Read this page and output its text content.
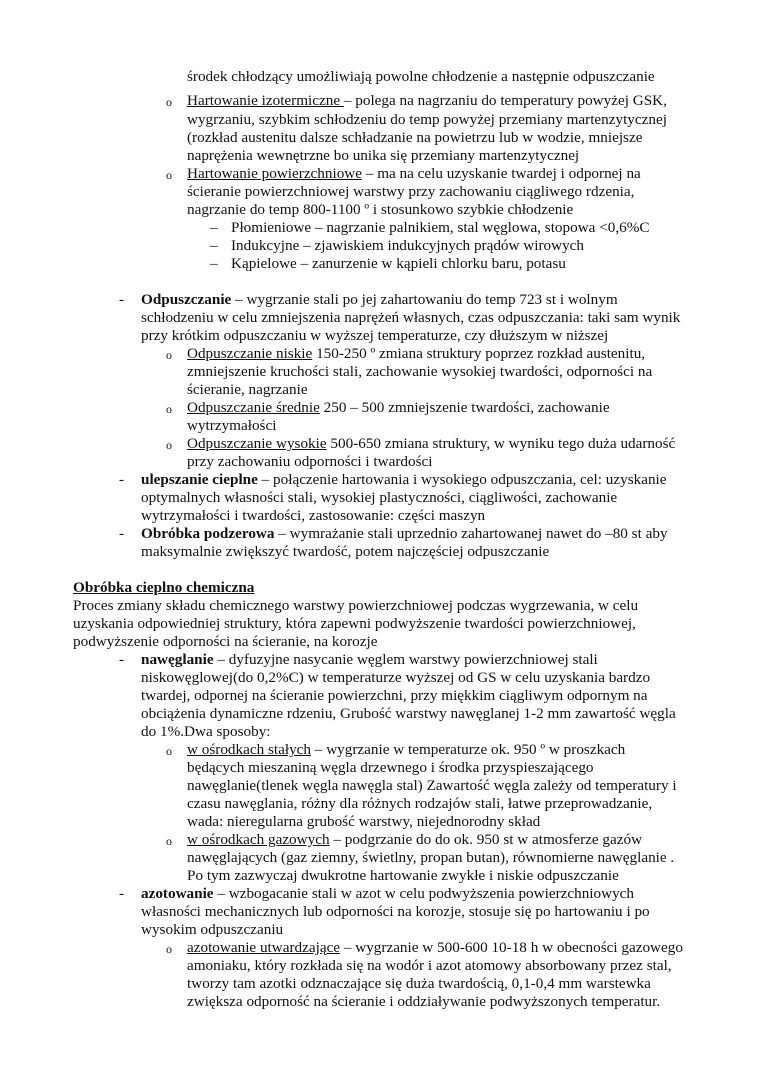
środek chłodzący umożliwiają powolne chłodzenie a następnie odpuszczanie
o Hartowanie izotermiczne – polega na nagrzaniu do temperatury powyżej GSK,
wygrzaniu, szybkim schłodzeniu do temp powyżej przemiany martenzytycznej
(rozkład austenitu dalsze schładzanie na powietrzu lub w wodzie, mniejsze
naprężenia wewnętrzne bo unika się przemiany martenzytycznej
o Hartowanie powierzchniowe – ma na celu uzyskanie twardej i odpornej na
ścieranie powierzchniowej warstwy przy zachowaniu ciągliwego rdzenia,
nagrzanie do temp 800-1100 º i stosunkowo szybkie chłodzenie
– Płomieniowe – nagrzanie palnikiem, stal węglowa, stopowa <0,6%C
– Indukcyjne – zjawiskiem indukcyjnych prądów wirowych
– Kąpielowe – zanurzenie w kąpieli chlorku baru, potasu
- Odpuszczanie – wygrzanie stali po jej zahartowaniu do temp 723 st i wolnym
schłodzeniu w celu zmniejszenia naprężeń własnych, czas odpuszczania: taki sam wynik
przy krótkim odpuszczaniu w wyższej temperaturze, czy dłuższym w niższej
o Odpuszczanie niskie 150-250 º zmiana struktury poprzez rozkład austenitu,
zmniejszenie kruchości stali, zachowanie wysokiej twardości, odporności na
ścieranie, nagrzanie
o Odpuszczanie średnie 250 – 500 zmniejszenie twardości, zachowanie
wytrzymałości
o Odpuszczanie wysokie 500-650 zmiana struktury, w wyniku tego duża udarność
przy zachowaniu odporności i twardości
- ulepszanie cieplne – połączenie hartowania i wysokiego odpuszczania, cel: uzyskanie
optymalnych własności stali, wysokiej plastyczności, ciągliwości, zachowanie
wytrzymałości i twardości, zastosowanie: części maszyn
- Obróbka podzerowa – wymrażanie stali uprzednio zahartowanej nawet do –80 st aby
maksymalnie zwiększyć twardość, potem najczęściej odpuszczanie
Obróbka cieplno chemiczna
Proces zmiany składu chemicznego warstwy powierzchniowej podczas wygrzewania, w celu
uzyskania odpowiedniej struktury, która zapewni podwyższenie twardości powierzchniowej,
podwyższenie odporności na ścieranie, na korozje
- nawęglanie – dyfuzyjne nasycanie węglem warstwy powierzchniowej stali
niskowęglowej(do 0,2%C) w temperaturze wyższej od GS w celu uzyskania bardzo
twardej, odpornej na ścieranie powierzchni, przy miękkim ciągliwym odpornym na
obciążenia dynamiczne rdzeniu, Grubość warstwy nawęglanej 1-2 mm zawartość węgla
do 1%.Dwa sposoby:
o w ośrodkach stałych – wygrzanie w temperaturze ok. 950 º w proszkach
będących mieszaniną węgla drzewnego i środka przyspieszającego
nawęglanie(tlenek węgla nawęgla stal) Zawartość węgla zależy od temperatury i
czasu nawęglania, różny dla różnych rodzajów stali, łatwe przeprowadzanie,
wada: nieregularna grubość warstwy, niejednorodny skład
o w ośrodkach gazowych – podgrzanie do do ok. 950 st w atmosferze gazów
nawęglających (gaz ziemny, świetlny, propan butan), równomierne nawęglanie .
Po tym zazwyczaj dwukrotne hartowanie zwykłe i niskie odpuszczanie
- azotowanie – wzbogacanie stali w azot w celu podwyższenia powierzchniowych
własności mechanicznych lub odporności na korozje, stosuje się po hartowaniu i po
wysokim odpuszczaniu
o azotowanie utwardzające – wygrzanie w 500-600 10-18 h w obecności gazowego
amoniaku, który rozkłada się na wodór i azot atomowy absorbowany przez stal,
tworzy tam azotki odznaczające się duża twardością, 0,1-0,4 mm warstewka
zwiększa odporność na ścieranie i oddziaływanie podwyższonych temperatur.
